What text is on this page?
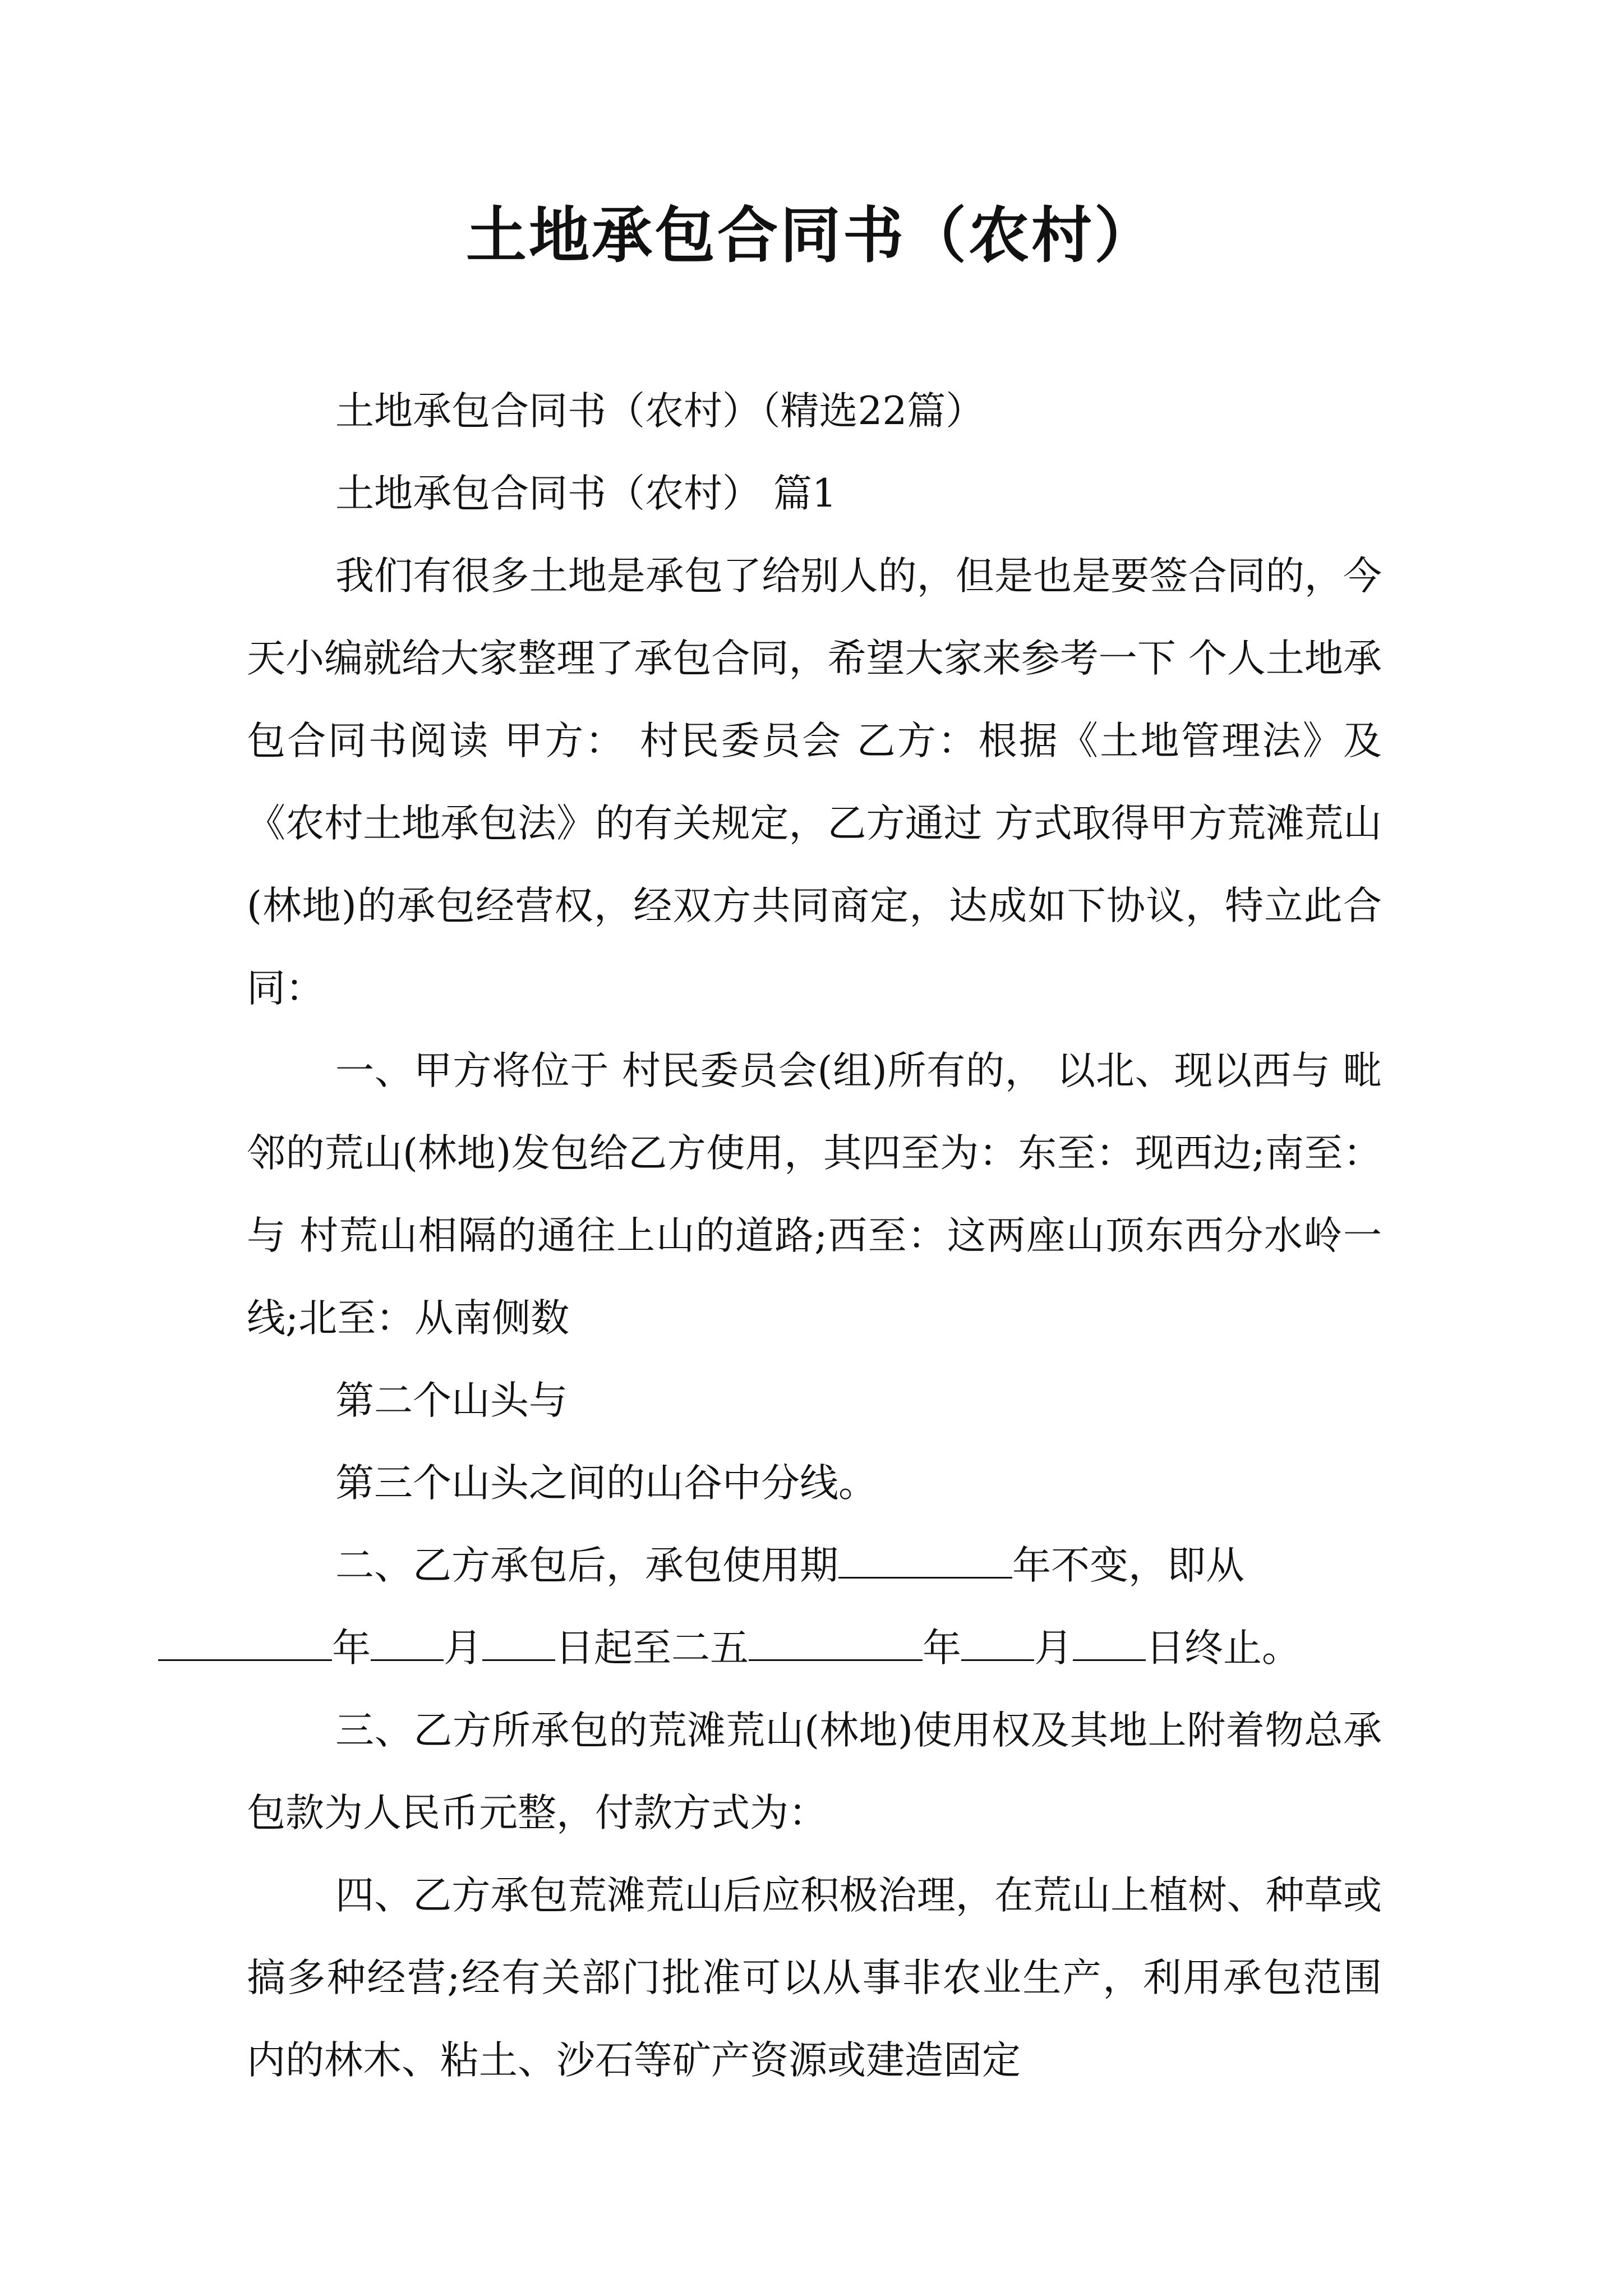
土地承包合同书（农村）

土地承包合同书（农村）（精选22篇）

土地承包合同书（农村） 篇1

我们有很多土地是承包了给别人的，但是也是要签合同的，今天小编就给大家整理了承包合同，希望大家来参考一下 个人土地承包合同书阅读 甲方： 村民委员会 乙方：根据《土地管理法》及《农村土地承包法》的有关规定，乙方通过 方式取得甲方荒滩荒山(林地)的承包经营权，经双方共同商定，达成如下协议，特立此合同：

一、甲方将位于 村民委员会(组)所有的， 以北、现以西与 毗邻的荒山(林地)发包给乙方使用，其四至为：东至：现西边;南至：与 村荒山相隔的通往上山的道路;西至：这两座山顶东西分水岭一线;北至：从南侧数

第二个山头与

第三个山头之间的山谷中分线。

二、乙方承包后，承包使用期	年不变，即从
年 月 日起至二五	年 月 日终止。

三、乙方所承包的荒滩荒山(林地)使用权及其地上附着物总承包款为人民币元整，付款方式为：

四、乙方承包荒滩荒山后应积极治理，在荒山上植树、种草或搞多种经营;经有关部门批准可以从事非农业生产，利用承包范围内的林木、粘土、沙石等矿产资源或建造固定
